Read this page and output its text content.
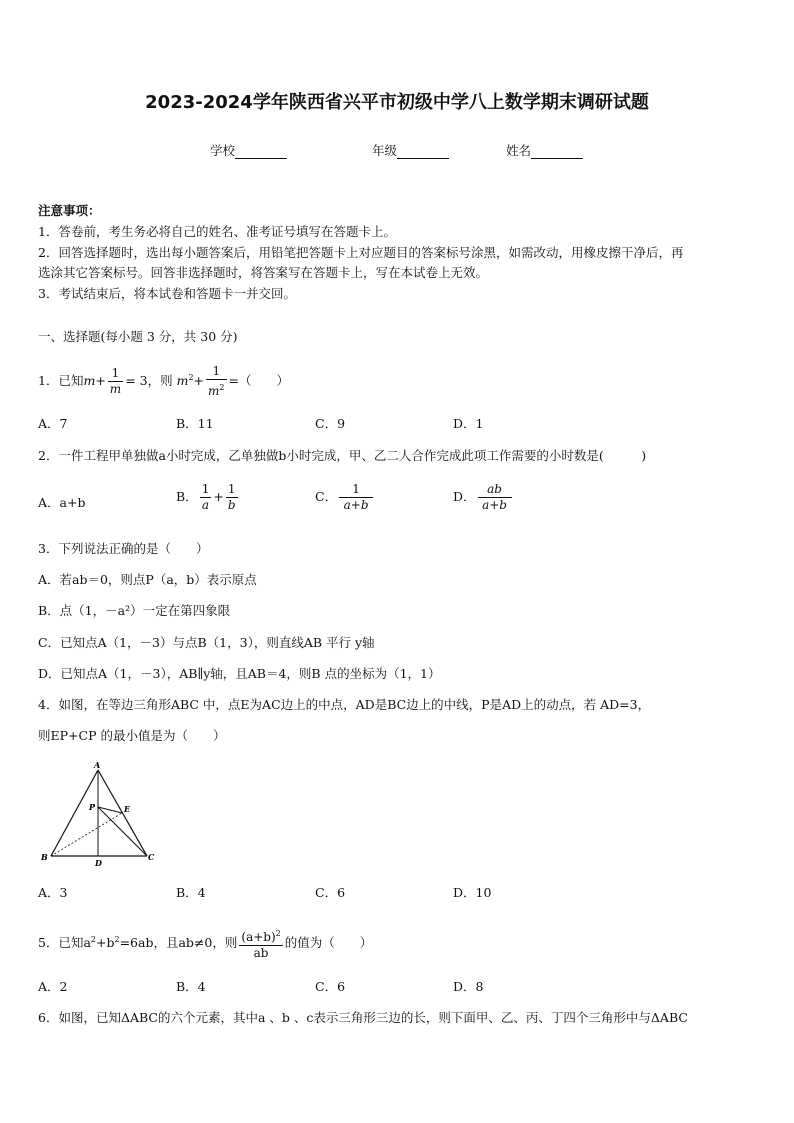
2023-2024学年陕西省兴平市初级中学八上数学期末调研试题
学校	年级	姓名
注意事项：
1．答卷前，考生务必将自己的姓名、准考证号填写在答题卡上。
2．回答选择题时，选出每小题答案后，用铅笔把答题卡上对应题目的答案标号涂黑，如需改动，用橡皮擦干净后，再
选涂其它答案标号。回答非选择题时，将答案写在答题卡上，写在本试卷上无效。
3．考试结束后，将本试卷和答题卡一并交回。
一、选择题(每小题 3 分，共 30 分)
1．已知$m+ \frac{1}{m} = 3$，则 $m^2+ \frac{1}{m^2}$ =（　　）
A．7	B．11	C．9	D．1
2．一件工程甲单独做a小时完成，乙单独做b小时完成，甲、乙二人合作完成此项工作需要的小时数是(　　　)
A．a+b	B． $\frac{1}{a} + \frac{1}{b}$	C． $\frac{1}{a+b}$	D． $\frac{ab}{a+b}$
3．下列说法正确的是（　　）
A．若ab＝0，则点P（a，b）表示原点
B．点（1，－a²）一定在第四象限
C．已知点A（1，－3）与点B（1，3），则直线AB 平行 y轴
D．已知点A（1，－3），AB∥y轴，且AB＝4，则B 点的坐标为（1，1）
4．如图，在等边三角形ABC 中，点E为AC边上的中点，AD是BC边上的中线，P是AD上的动点，若 AD=3，
则EP+CP 的最小值是为（　　）
A
B	C
D
E
P
A．3	B．4	C．6	D．10
5．已知$a^2+b^2=6ab$，且ab≠0，则 $\frac{(a+b)^2}{ab}$ 的值为（　　）
A．2	B．4	C．6	D．8
6．如图，已知ΔABC的六个元素，其中a 、b 、c表示三角形三边的长，则下面甲、乙、丙、丁四个三角形中与ΔABC
